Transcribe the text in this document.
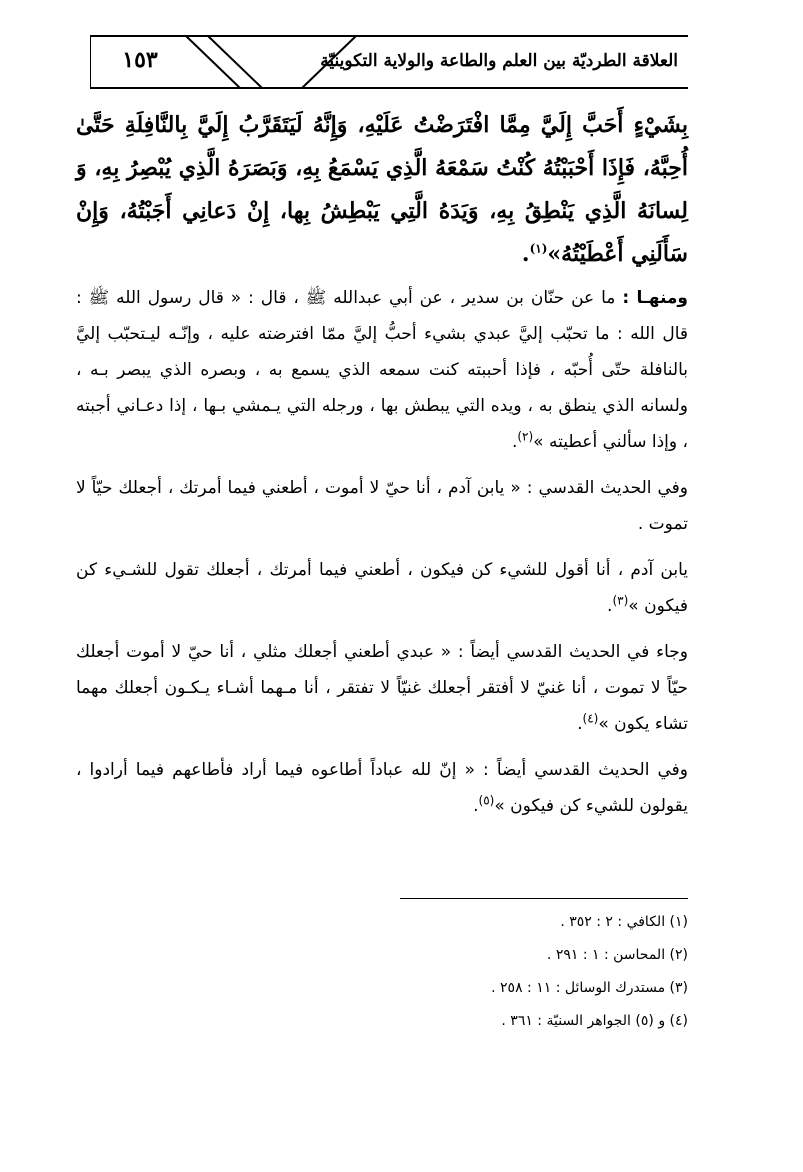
١٥٣	العلاقة الطرديّة بين العلم والطاعة والولاية التكوينيّة

بِشَيْءٍ أَحَبَّ إِلَيَّ مِمَّا افْتَرَضْتُ عَلَيْهِ، وَإِنَّهُ لَيَتَقَرَّبُ إِلَيَّ بِالنَّافِلَةِ حَتَّىٰ أُحِبَّهُ، فَإِذَا أَحْبَبْتُهُ كُنْتُ سَمْعَهُ الَّذِي يَسْمَعُ بِهِ، وَبَصَرَهُ الَّذِي يُبْصِرُ بِهِ، وَ لِسانَهُ الَّذِي يَنْطِقُ بِهِ، وَيَدَهُ الَّتِي يَبْطِشُ بِها، إِنْ دَعانِي أَجَبْتُهُ، وَإِنْ سَأَلَنِي أَعْطَيْتُهُ»$^{(١)}$.

ومنهـا : ما عن حنّان بن سدير ، عن أبي عبدالله ﷺ ، قال : « قال رسول الله ﷺ : قال الله : ما تحبّب إليَّ عبدي بشيء أحبُّ إليَّ ممّا افترضته عليه ، وإنّـه ليـتحبّب إليَّ بالنافلة حتّى أُحبّه ، فإذا أحببته كنت سمعه الذي يسمع به ، وبصره الذي يبصر بـه ، ولسانه الذي ينطق به ، ويده التي يبطش بها ، ورجله التي يـمشي بـها ، إذا دعـاني أجبته ، وإذا سألني أعطيته »$^{(٢)}$.

وفي الحديث القدسي : « يابن آدم ، أنا حيّ لا أموت ، أطعني فيما أمرتك ، أجعلك حيّاً لا تموت .

يابن آدم ، أنا أقول للشيء كن فيكون ، أطعني فيما أمرتك ، أجعلك تقول للشـيء كن فيكون »$^{(٣)}$.

وجاء في الحديث القدسي أيضاً : « عبدي أطعني أجعلك مثلي ، أنا حيّ لا أموت أجعلك حيّاً لا تموت ، أنا غنيّ لا أفتقر أجعلك غنيّاً لا تفتقر ، أنا مـهما أشـاء يـكـون أجعلك مهما تشاء يكون »$^{(٤)}$.

وفي الحديث القدسي أيضاً : « إنّ لله عباداً أطاعوه فيما أراد فأطاعهم فيما أرادوا ، يقولون للشيء كن فيكون »$^{(٥)}$.

(١) الكافي : ٢ : ٣٥٢ .
(٢) المحاسن : ١ : ٢٩١ .
(٣) مستدرك الوسائل : ١١ : ٢٥٨ .
(٤) و (٥) الجواهر السنيّة : ٣٦١ .
